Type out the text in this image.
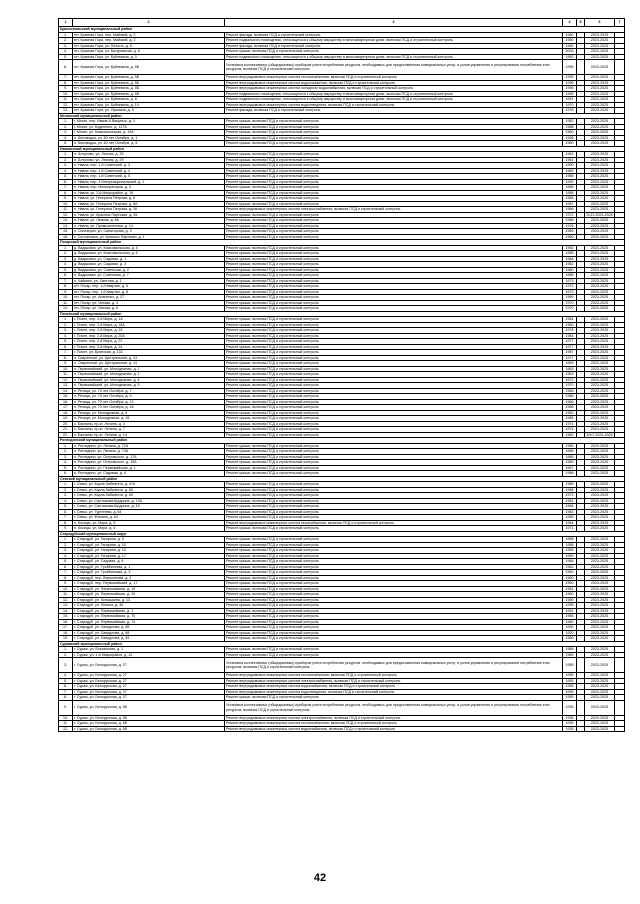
1	2	3	4	5	6	7
Краснопольский муниципальный район						
1.	пгт. Красная Гора, пер. Майский, д. 2	Ремонт фасада, включая ПСД и строительный контроль	1982		2023-2025	
2.	пгт. Красная Гора, пер. Майский, д. 2	Ремонт подвального помещения, относящегося к общему имуществу в многоквартирном доме, включая ПСД и строительный контроль	1980		2023-2025	
3.	пгт. Красная Гора, ул. Юность, д. 5	Ремонт фасада, включая ПСД и строительный контроль	1982		2023-2025	
4.	пгт. Красная Гора, ул. Батуровская, д. 6	Ремонт крыши, включая ПСД и строительный контроль	2003		2023-2025	
5.	пгт. Красная Гора, ул. Буйневича, д. 3	Ремонт подвального помещения, относящегося к общему имуществу в многоквартирном доме, включая ПСД и строительный контроль	1983		2023-2025	
6.	пгт. Красная Гора, ул. Буйневича, д. 5Б	Установка коллективных (общедомовых) приборов учета потребления ресурсов, необходимых для предоставления коммунальных услуг, и узлов управления и регулирования потребления этих ресурсов, включая ПСД и строительный контроль	1995		2023-2025	
7.	пгт. Красная Гора, ул. Буйневича, д. 5Б	Ремонт внутридомовых инженерных систем теплоснабжения, включая ПСД и строительный контроль	1995		2023-2025	
8.	пгт. Красная Гора, ул. Буйневича, д. 5Б	Ремонт внутридомовых инженерных систем водоснабжения, включая ПСД и строительный контроль	1995		2023-2025	
9.	пгт. Красная Гора, ул. Буйневича, д. 5Б	Ремонт внутридомовых инженерных систем холодного водоснабжения, включая ПСД и строительный контроль	1995		2023-2025	
10.	пгт. Красная Гора, ул. Буйневича, д. 5Б	Ремонт подвального помещения, относящегося к общему имуществу в многоквартирном доме, включая ПСД и строительный контроль	1995		2023-2025	
11.	пгт. Красная Гора, ул. Буйневича, д. 8	Ремонт подвального помещения, относящегося к общему имуществу в многоквартирном доме, включая ПСД и строительный контроль	1991		2023-2025	
12.	пгт. Красная Гора, ул. Буйневича, д. 14	Ремонт внутридомовых инженерных систем водоотведения, включая ПСД и строительный контроль	1970		2023-2025	
13.	пгт. Красная Гора, ул. Пушкина, д. 5	Ремонт фасада, включая ПСД и строительный контроль	1978		2023-2025	
Мглинский муниципальный район						
1.	г. Мглин, пер. Ивана А.Ващенко, д. 3	Ремонт крыши, включая ПСД и строительный контроль	1982		2023-2025	
2.	г. Мглин, ул. Буденного, д. 127А	Ремонт крыши, включая ПСД и строительный контроль	1988		2023-2025	
3.	г. Мглин, ул. Комсомольская, д. 19А	Ремонт крыши, включая ПСД и строительный контроль	1980		2023-2025	
4.	п. Беловодка, ул. 60 лет Октября, д. 1	Ремонт крыши, включая ПСД и строительный контроль	1958		2023-2025	
5.	п. Беловодка, ул. 60 лет Октября, д. 5	Ремонт крыши, включая ПСД и строительный контроль	1960		2023-2025	
Навлинский муниципальный район						
1.	п. Алтухово, ул. Лесная, д. 25	Ремонт крыши, включая ПСД и строительный контроль	1962		2023-2025	
2.	п. Алтухово, ул. Лесная, д. 29	Ремонт крыши, включая ПСД и строительный контроль	1961		2023-2025	
3.	п. Навля, пер. 1-й Советский, д. 3	Ремонт крыши, включая ПСД и строительный контроль	1990		2023-2025	
4.	п. Навля, пер. 1-й Советский, д. 4	Ремонт крыши, включая ПСД и строительный контроль	1989		2023-2025	
5.	п. Навля, пер. 1-й Советский, д. 5	Ремонт крыши, включая ПСД и строительный контроль	1988		2023-2025	
6.	п. Навля, пер. 3 Интернациональный, д. 1	Ремонт крыши, включая ПСД и строительный контроль	1992		2023-2025	
7.	п. Навля, пер. Мелиораторов, д. 4	Ремонт крыши, включая ПСД и строительный контроль	1986		2023-2025	
8.	п. Навля, ул. 2-й Микрорайон, д. 19	Ремонт крыши, включая ПСД и строительный контроль	1985		2023-2025	
9.	п. Навля, ул. Генерала Петрова, д. 8	Ремонт крыши, включая ПСД и строительный контроль	1984		2023-2025	
10.	п. Навля, ул. Генерала Петрова, д. 6А	Ремонт крыши, включая ПСД и строительный контроль	1987		2023-2025	
11.	п. Навля, ул. Генерала Петрова, д. 16	Ремонт внутридомовых инженерных систем электроснабжения, включая ПСД и строительный контроль	1986		2023-2025	
12.	п. Навля, ул. Красных Партизан, д. 26	Ремонт крыши, включая ПСД и строительный контроль	1972		2013 2023-2025	
13.	п. Навля, ул. Ленина, д. 86	Ремонт крыши, включая ПСД и строительный контроль	1968		2023-2025	
14.	п. Навля, ул. Промышленная, д. 14	Ремонт крыши, включая ПСД и строительный контроль	1976		2023-2025	
15.	п. Синезерки, ул. Санаторная, д. 3	Ремонт крыши, включая ПСД и строительный контроль	1989		2023-2025	
16.	с. Салтановка, ул. Красных Партизан, д. 1	Ремонт крыши, включая ПСД и строительный контроль	1969		2023-2025	
Погарский муниципальный район						
1.	д. Вадьковка, ул. Комсомольская, д. 5	Ремонт крыши, включая ПСД и строительный контроль	1982		2023-2025	
2.	д. Вадьковка, ул. Комсомольская, д. 6	Ремонт крыши, включая ПСД и строительный контроль	1985		2023-2025	
3.	д. Вадьковка, ул. Садовая, д. 1	Ремонт крыши, включая ПСД и строительный контроль	1984		2023-2025	
4.	д. Вадьковка, ул. Садовая, д. 3	Ремонт крыши, включая ПСД и строительный контроль	1982		2023-2025	
5.	д. Вадьковка, ул. Советская, д. 2	Ремонт крыши, включая ПСД и строительный контроль	1980		2023-2025	
6.	п. Вадьковка, ул. Советская, д. 7	Ремонт крыши, включая ПСД и строительный контроль	1985		2023-2025	
7.	п. Чайкино, ул. Светлая, д. 1	Ремонт крыши, включая ПСД и строительный контроль	1973		2023-2025	
8.	пгт. Погар, пер. 1-й Квартал, д. 5	Ремонт крыши, включая ПСД и строительный контроль	1972		2023-2025	
9.	пгт. Погар, пер. 1-й Квартал, д. 8	Ремонт крыши, включая ПСД и строительный контроль	1973		2023-2025	
10.	пгт. Погар, ул. Ананенко, д. 27	Ремонт крыши, включая ПСД и строительный контроль	1969		2023-2025	
11.	пгт. Погар, ул. Чехова, д. 4	Ремонт крыши, включая ПСД и строительный контроль	1970		2023-2025	
12.	пгт. Погар, ул. Чехова, д. 6	Ремонт крыши, включая ПСД и строительный контроль	1970		2023-2025	
Почепский муниципальный район						
1.	г. Почеп, пер. 2-й Мира, д. 1А	Ремонт крыши, включая ПСД и строительный контроль	1984		2023-2025	
2.	г. Почеп, пер. 2-й Мира, д. 18А	Ремонт крыши, включая ПСД и строительный контроль	1980		2023-2025	
3.	г. Почеп, пер. 2-й Мира, д. 19	Ремонт крыши, включая ПСД и строительный контроль	1978		2023-2025	
4.	г. Почеп, пер. 2-й Мира, д. 20А	Ремонт крыши, включая ПСД и строительный контроль	1984		2023-2025	
5.	г. Почеп, пер. 2-й Мира, д. 22	Ремонт крыши, включая ПСД и строительный контроль	1977		2023-2025	
6.	г. Почеп, пер. 2-й Мира, д. 24	Ремонт крыши, включая ПСД и строительный контроль	1977		2023-2025	
7.	г. Почеп, ул. Брянская, д. 102	Ремонт крыши, включая ПСД и строительный контроль	1987		2023-2025	
8.	п. Озаренный, ул. Центральная, д. 13	Ремонт крыши, включая ПСД и строительный контроль	1977		2023-2025	
9.	п. Озаренный, ул. Центральная, д. 14	Ремонт крыши, включая ПСД и строительный контроль	1963		2023-2025	
10.	п. Первомайский, ул. Молодежная, д. 1	Ремонт крыши, включая ПСД и строительный контроль	1963		2023-2025	
11.	п. Первомайский, ул. Молодежная, д. 2	Ремонт крыши, включая ПСД и строительный контроль	1963		2023-2025	
12.	п. Первомайский, ул. Молодежная, д. 4	Ремонт крыши, включая ПСД и строительный контроль	1972		2023-2025	
13.	п. Первомайский, ул. Молодежная, д. 5	Ремонт крыши, включая ПСД и строительный контроль	1970		2023-2025	
14.	п. Речица, ул. 70 лет Октября, д. 7	Ремонт крыши, включая ПСД и строительный контроль	1965		2023-2025	
15.	п. Речица, ул. 70 лет Октября, д. 9	Ремонт крыши, включая ПСД и строительный контроль	1965		2023-2025	
16.	п. Речица, ул. 70 лет Октября, д. 13	Ремонт крыши, включая ПСД и строительный контроль	1966		2023-2025	
17.	п. Речица, ул. 70 лет Октября, д. 18	Ремонт крыши, включая ПСД и строительный контроль	1968		2023-2025	
18.	п. Речица, ул. Молодежная, д. 8	Ремонт крыши, включая ПСД и строительный контроль	1983		2023-2025	
19.	п. Речица, ул. Молодежная, д. 16	Ремонт крыши, включая ПСД и строительный контроль	1985		2023-2025	
20.	с. Бакланы, пр-кт. Ленина, д. 4	Ремонт крыши, включая ПСД и строительный контроль	1974		2023-2025	
21.	с. Бакланы, пр-кт. Ленина, д. 7	Ремонт крыши, включая ПСД и строительный контроль	1974		2023-2025	
22.	с. Бакланы, пр-кт. Ленина, д. 14	Ремонт крыши, включая ПСД и строительный контроль	1980		2007 2023-2025	
Рогнединский муниципальный район						
1.	п. Рогнедино, ул. Ленина, д. 72А	Ремонт крыши, включая ПСД и строительный контроль	1965		2023-2025	
2.	п. Рогнедино, ул. Ленина, д. 74А	Ремонт крыши, включая ПСД и строительный контроль	1966		2023-2025	
3.	п. Рогнедино, ул. Островского, д. 17А	Ремонт крыши, включая ПСД и строительный контроль	1965		2023-2025	
4.	п. Рогнедино, ул. Островского, д. 19А	Ремонт крыши, включая ПСД и строительный контроль	1980		2023-2025	
5.	п. Рогнедино, ул. Первомайская, д. 1	Ремонт крыши, включая ПСД и строительный контроль	1967		2023-2025	
6.	п. Рогнедино, ул. Садовая, д. 4	Ремонт крыши, включая ПСД и строительный контроль	1988		2023-2025	
Севский муниципальный район						
1.	г. Севск, ул. Карла Либкнехта, д. 47А	Ремонт крыши, включая ПСД и строительный контроль	1989		2023-2025	
2.	г. Севск, ул. Карла Либкнехта, д. 65	Ремонт крыши, включая ПСД и строительный контроль	1988		2023-2025	
3.	г. Севск, ул. Карла Либкнехта, д. 69	Ремонт крыши, включая ПСД и строительный контроль	1973		2023-2025	
4.	г. Севск, ул. Салтыкова-Щедрина, д. 13А	Ремонт крыши, включая ПСД и строительный контроль	1981		2023-2025	
5.	г. Севск, ул. Салтыкова-Щедрина, д. 19	Ремонт крыши, включая ПСД и строительный контроль	1984		2023-2025	
6.	г. Севск, ул. Тургенева, д. 64	Ремонт крыши, включая ПСД и строительный контроль	1983		2023-2025	
7.	г. Севск, ул. Фомина, д. 54	Ремонт крыши, включая ПСД и строительный контроль	1985		2023-2025	
8.	п. Косицы, ул. Мира, д. 5	Ремонт внутридомовых инженерных систем газоснабжения, включая ПСД и строительный контроль	1964		2023-2025	
9.	п. Косицы, ул. Мира, д. 6	Ремонт крыши, включая ПСД и строительный контроль	1971		2023-2025	
Стародубский муниципальный округ						
1.	г. Стародуб, ул. Гагарина, д. 9	Ремонт крыши, включая ПСД и строительный контроль	1958		2023-2025	
2.	г. Стародуб, ул. Гагарина, д. 10	Ремонт крыши, включая ПСД и строительный контроль	1958		2023-2025	
3.	г. Стародуб, ул. Гагарина, д. 12	Ремонт крыши, включая ПСД и строительный контроль	1959		2023-2025	
4.	г. Стародуб, ул. Гагарина, д. 17	Ремонт крыши, включая ПСД и строительный контроль	1959		2023-2025	
5.	г. Стародуб, ул. Садовая, д. 8	Ремонт крыши, включая ПСД и строительный контроль	1966		2023-2025	
6.	г. Стародуб, ул. Тройбинская, д. 1	Ремонт крыши, включая ПСД и строительный контроль	1962		2023-2025	
7.	г. Стародуб, ул. Тройбинская, д. 3	Ремонт крыши, включая ПСД и строительный контроль	1982		2023-2025	
8.	г. Стародуб, пер. Лермонтова, д. 2	Ремонт крыши, включая ПСД и строительный контроль	1960		2023-2025	
9.	г. Стародуб, пер. Первомайский, д. 17	Ремонт крыши, включая ПСД и строительный контроль	1960		2023-2025	
10.	г. Стародуб, ул. Первомайская, д. 19	Ремонт крыши, включая ПСД и строительный контроль	1981		2023-2025	
11.	г. Стародуб, ул. Первомайская, д. 29	Ремонт крыши, включая ПСД и строительный контроль	1960		2023-2025	
12.	г. Стародуб, ул. Колышкина, д. 13	Ремонт крыши, включая ПСД и строительный контроль	1989		2023-2025	
13.	г. Стародуб, ул. Ленина, д. 35	Ремонт крыши, включая ПСД и строительный контроль	1995		2023-2025	
14.	г. Стародуб, ул. Первомайская, д. 1	Ремонт крыши, включая ПСД и строительный контроль	1991		2023-2025	
15.	г. Стародуб, ул. Первомайская, д. 70	Ремонт крыши, включая ПСД и строительный контроль	1985		2023-2025	
16.	г. Стародуб, ул. Первомайская, д. 74	Ремонт крыши, включая ПСД и строительный контроль	1980		2023-2025	
17.	г. Стародуб, ул. Свердлова, д. 86	Ремонт крыши, включая ПСД и строительный контроль	1930		2023-2025	
18.	г. Стародуб, ул. Свердлова, д. 88	Ремонт крыши, включая ПСД и строительный контроль	1920		2023-2025	
19.	г. Стародуб, ул. Свердлова, д. 49	Ремонт крыши, включая ПСД и строительный контроль	1980		2023-2025	
Суражский муниципальный район						
1.	г. Сураж, ул. Вокзальная, д. 1	Ремонт крыши, включая ПСД и строительный контроль	1986		2023-2025	
2.	г. Сураж, ул. 1-й Микрорайон, д. 12	Ремонт крыши, включая ПСД и строительный контроль	1989		2023-2025	
3.	г. Сураж, ул. Белорусская, д. 27	Установка коллективных (общедомовых) приборов учета потребления ресурсов, необходимых для предоставления коммунальных услуг, и узлов управления и регулирования потребления этих ресурсов, включая ПСД и строительный контроль	1955		2023-2025	
4.	г. Сураж, ул. Белорусская, д. 27	Ремонт внутридомовых инженерных систем теплоснабжения, включая ПСД и строительный контроль	1955		2023-2025	
5.	г. Сураж, ул. Белорусская, д. 27	Ремонт внутридомовых инженерных систем электроснабжения, включая ПСД и строительный контроль	1955		2023-2025	
6.	г. Сураж, ул. Белорусская, д. 27	Ремонт внутридомовых инженерных систем водоснабжения, включая ПСД и строительный контроль	1955		2023-2025	
7.	г. Сураж, ул. Белорусская, д. 27	Ремонт внутридомовых инженерных систем водоотведения, включая ПСД и строительный контроль	1955		2023-2025	
8.	г. Сураж, ул. Белорусская, д. 27	Ремонт крыши, включая ПСД и строительный контроль	1955		2023-2025	
9.	г. Сураж, ул. Белорусская, д. 58	Установка коллективных (общедомовых) приборов учета потребления ресурсов, необходимых для предоставления коммунальных услуг, и узлов управления и регулирования потребления этих ресурсов, включая ПСД и строительный контроль	1935		2023-2025	
10.	г. Сураж, ул. Белорусская, д. 58	Ремонт внутридомовых инженерных систем электроснабжения, включая ПСД и строительный контроль	1935		2023-2025	
11.	г. Сураж, ул. Белорусская, д. 58	Ремонт внутридомовых инженерных систем теплоснабжения, включая ПСД и строительный контроль	1935		2023-2025	
12.	г. Сураж, ул. Белорусская, д. 58	Ремонт внутридомовых инженерных систем водоснабжения, включая ПСД и строительный контроль	1935		2023-2025	
42
